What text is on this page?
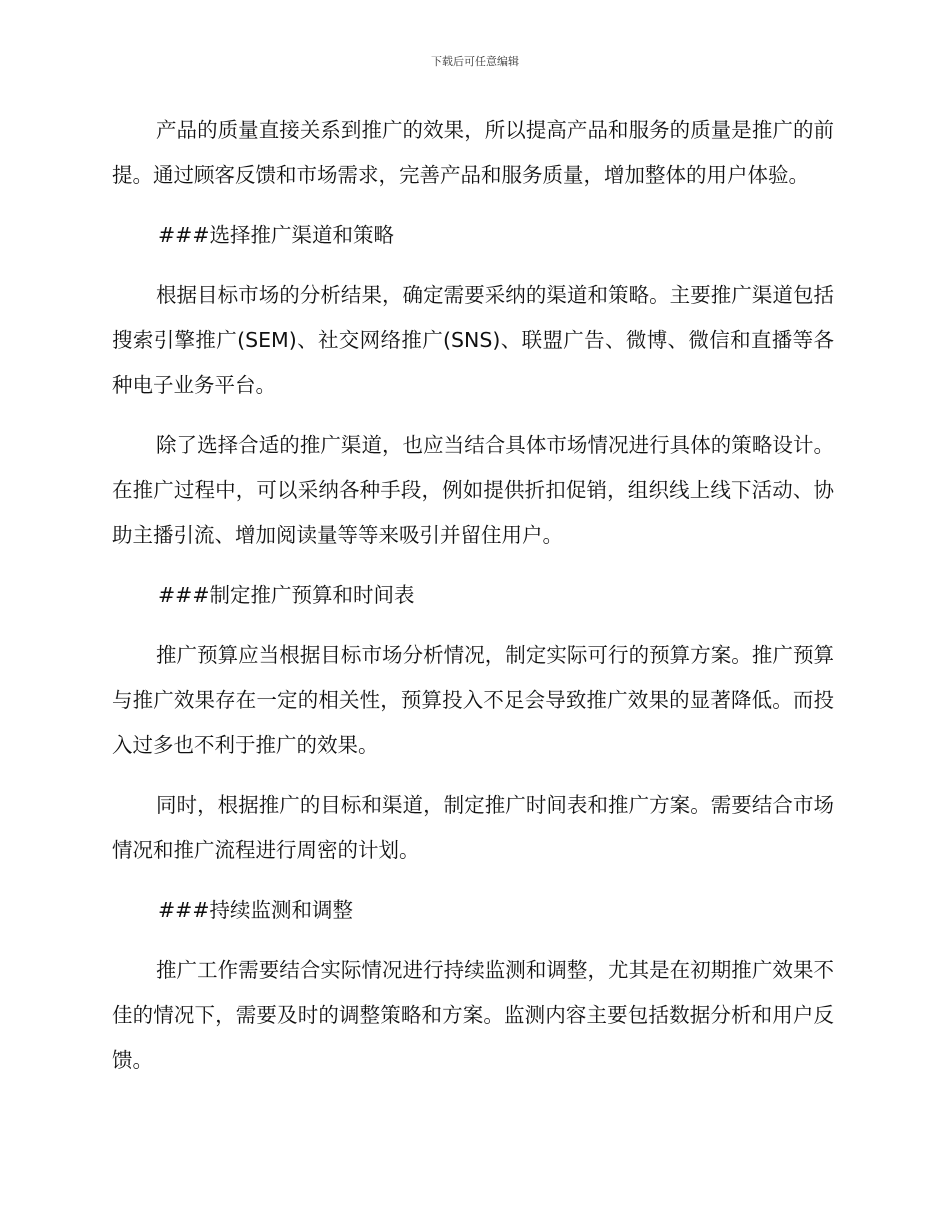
下载后可任意编辑

产品的质量直接关系到推广的效果，所以提高产品和服务的质量是推广的前提。通过顾客反馈和市场需求，完善产品和服务质量，增加整体的用户体验。

###选择推广渠道和策略

根据目标市场的分析结果，确定需要采纳的渠道和策略。主要推广渠道包括搜索引擎推广(SEM)、社交网络推广(SNS)、联盟广告、微博、微信和直播等各种电子业务平台。

除了选择合适的推广渠道，也应当结合具体市场情况进行具体的策略设计。在推广过程中，可以采纳各种手段，例如提供折扣促销，组织线上线下活动、协助主播引流、增加阅读量等等来吸引并留住用户。

###制定推广预算和时间表

推广预算应当根据目标市场分析情况，制定实际可行的预算方案。推广预算与推广效果存在一定的相关性，预算投入不足会导致推广效果的显著降低。而投入过多也不利于推广的效果。

同时，根据推广的目标和渠道，制定推广时间表和推广方案。需要结合市场情况和推广流程进行周密的计划。

###持续监测和调整

推广工作需要结合实际情况进行持续监测和调整，尤其是在初期推广效果不佳的情况下，需要及时的调整策略和方案。监测内容主要包括数据分析和用户反馈。
